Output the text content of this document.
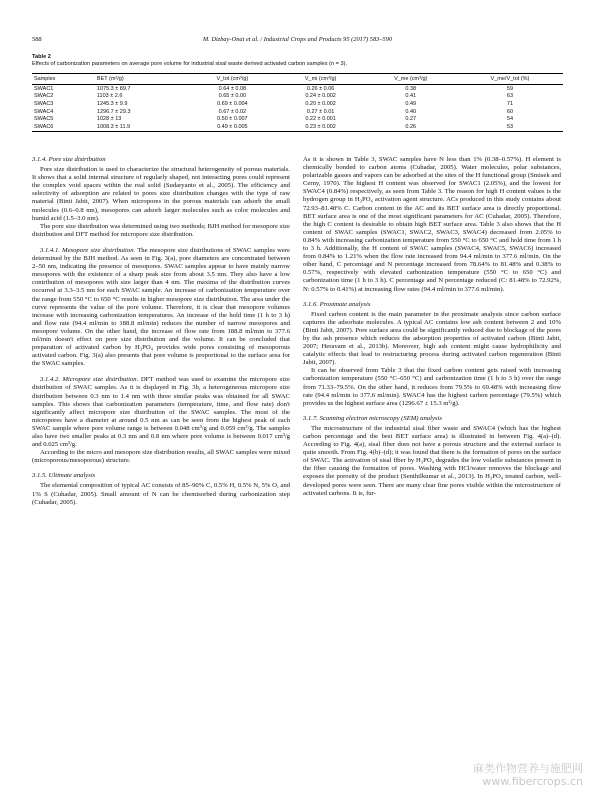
588	M. Dizbay-Onat et al. / Industrial Crops and Products 95 (2017) 583–590
Table 2
Effects of carbonization parameters on average pore volume for industrial sisal waste derived activated carbon samples (n = 3).
Samples	BET (m²/g)	V_tot (cm³/g)	V_mi (cm³/g)	V_me (cm³/g)	V_me/V_tot (%)
SWAC1	1075.3 ± 89.7	0.64 ± 0.08	0.26 ± 0.06	0.38	59
SWAC2	1103 ± 2.6	0.65 ± 0.00	0.24 ± 0.002	0.41	63
SWAC3	1245.3 ± 9.9	0.69 ± 0.004	0.20 ± 0.002	0.49	71
SWAC4	1296.7 ± 29.3	0.67 ± 0.02	0.27 ± 0.01	0.40	60
SWAC5	1028 ± 13	0.50 ± 0.007	0.22 ± 0.001	0.27	54
SWAC6	1008.3 ± 11.9	0.49 ± 0.005	0.23 ± 0.002	0.26	53

3.1.4. Pore size distribution

Pore size distribution is used to characterize the structural heterogeneity of porous materials. It shows that a solid internal structure of regularly shaped, not interacting pores could represent the complex void spaces within the real solid (Sudaryanto et al., 2005). The efficiency and selectivity of adsorption are related to pores size distribution changes with the type of raw material (Binti Jabit, 2007). When micropores in the porous materials can adsorb the small molecules (0.6–0.8 nm), mesopores can adsorb larger molecules such as color molecules and humid acid (1.5–3.0 nm).

The pore size distribution was determined using two methods; BJH method for mesopore size distribution and DFT method for micropore size distribution.

3.1.4.1. Mesopore size distribution. The mesopore size distributions of SWAC samples were determined by the BJH method. As seen in Fig. 3(a), pore diameters are concentrated between 2–50 nm, indicating the presence of mesopores. SWAC samples appear to have mainly narrow mesopores with the existence of a sharp peak size from about 3.5 nm. They also have a low contribution of mesopores with size larger than 4 nm. The maxima of the distribution curves occurred at 3.3–3.5 nm for each SWAC sample. An increase of carbonization temperature over the range from 550 °C to 650 °C results in higher mesopore size distribution. The area under the curve represents the value of the pore volume. Therefore, it is clear that mesopore volumes increase with increasing carbonization temperatures. An increase of the hold time (1 h to 3 h) and flow rate (94.4 ml/min to 188.8 ml/min) reduces the number of narrow mesopores and mesopore volume. On the other hand, the increase of flow rate from 188.8 ml/min to 377.6 ml/min doesn't effect on pore size distribution and the volume. It can be concluded that preparation of activated carbon by H₃PO₄ provides wide pores consisting of mesoporous activated carbon. Fig. 3(a) also presents that pore volume is proportional to the surface area for the SWAC samples.

3.1.4.2. Micropore size distribution. DFT method was used to examine the micropore size distribution of SWAC samples. As it is displayed in Fig. 3b, a heterogeneous micropore size distribution between 0.3 nm to 1.4 nm with three similar peaks was obtained for all SWAC samples. This shows that carbonization parameters (temperature, time, and flow rate) don't significantly affect micropore size distribution of the SWAC samples. The most of the micropores have a diameter at around 0.5 nm as can be seen from the highest peak of each SWAC sample where pore volume range is between 0.048 cm³/g and 0.059 cm³/g. The samples also have two smaller peaks at 0.3 nm and 0.8 nm where pore volume is between 0.017 cm³/g and 0.025 cm³/g.

According to the micro and mesopore size distribution results, all SWAC samples were mixed (microporous/mesoporous) structure.

3.1.5. Ultimate analysis

The elemental composition of typical AC consists of 85–90% C, 0.5% H, 0.5% N, 5% O, and 1% S (Cuhadar, 2005). Small amount of N can be chemisorbed during carbonization step (Cuhadar, 2005).

As it is shown in Table 3, SWAC samples have N less than 1% (0.38–0.57%). H element is chemically bonded to carbon atoms (Cuhadar, 2005). Water molecules, polar substances, polarizable gasses and vapors can be adsorbed at the sites of the H functional group (Smisek and Cerny, 1970). The highest H content was observed for SWAC1 (2.05%), and the lowest for SWAC4 (0.84%) respectively, as seen from Table 3. The reason for high H content values is the hydrogen group in H₃PO₄ activation agent structure. ACs produced in this study contains about 72.93–81.48% C. Carbon content in the AC and its BET surface area is directly proportional. BET surface area is one of the most significant parameters for AC (Cuhadar, 2005). Therefore, the high C content is desirable to obtain high BET surface area. Table 3 also shows that the H content of SWAC samples (SWAC1, SWAC2, SWAC3, SWAC4) decreased from 2.05% to 0.84% with increasing carbonization temperature from 550 °C to 650 °C and hold time from 1 h to 3 h. Additionally, the H content of SWAC samples (SWAC4, SWAC5, SWAC6) increased from 0.84% to 1.21% when the flow rate increased from 94.4 ml/min to 377.6 ml/min. On the other hand, C percentage and N percentage increased from 78.64% to 81.48% and 0.38% to 0.57%, respectively with elevated carbonization temperature (550 °C to 650 °C) and carbonization time (1 h to 3 h). C percentage and N percentage reduced (C: 81.48% to 72.92%, N: 0.57% to 0.41%) at increasing flow rates (94.4 ml/min to 377.6 ml/min).

3.1.6. Proximate analysis

Fixed carbon content is the main parameter in the proximate analysis since carbon surface captures the adsorbate molecules. A typical AC contains low ash content between 2 and 10% (Binti Jabit, 2007). Pore surface area could be significantly reduced due to blockage of the pores by the ash presence which reduces the adsorption properties of activated carbon (Binti Jabit, 2007; Heravam et al., 2013b). Moreover, high ash content might cause hydrophilicity and catalytic effects that lead to restructuring process during activated carbon regeneration (Binti Jabit, 2007).

It can be observed from Table 3 that the fixed carbon content gets raised with increasing carbonization temperature (550 °C–650 °C) and carbonization time (1 h to 3 h) over the range from 71.33–79.5%. On the other hand, it reduces from 79.5% to 69.48% with increasing flow rate (94.4 ml/min to 377.6 ml/min). SWAC4 has the highest carbon percentage (79.5%) which provides us the highest surface area (1296.67 ± 15.3 m²/g).

3.1.7. Scanning electron microscopy (SEM) analysis

The microstructure of the industrial sisal fiber waste and SWAC4 (which has the highest carbon percentage and the best BET surface area) is illustrated in between Fig. 4(a)–(d). According to Fig. 4(a), sisal fiber does not have a porous structure and the external surface is quite smooth. From Fig. 4(b)–(d); it was found that there is the formation of pores on the surface of SWAC. The activation of sisal fiber by H₃PO₄ degrades the low volatile substances present in the fiber causing the formation of pores. Washing with HCl/water removes the blockage and exposes the porosity of the product (Senthilkumar et al., 2013). In H₃PO₄ treated carbon, well-developed pores were seen. There are many clear fine pores visible within the microstructure of activated carbons. It is, fur-

麻类作物营养与施肥网
www.fibercrops.cn
